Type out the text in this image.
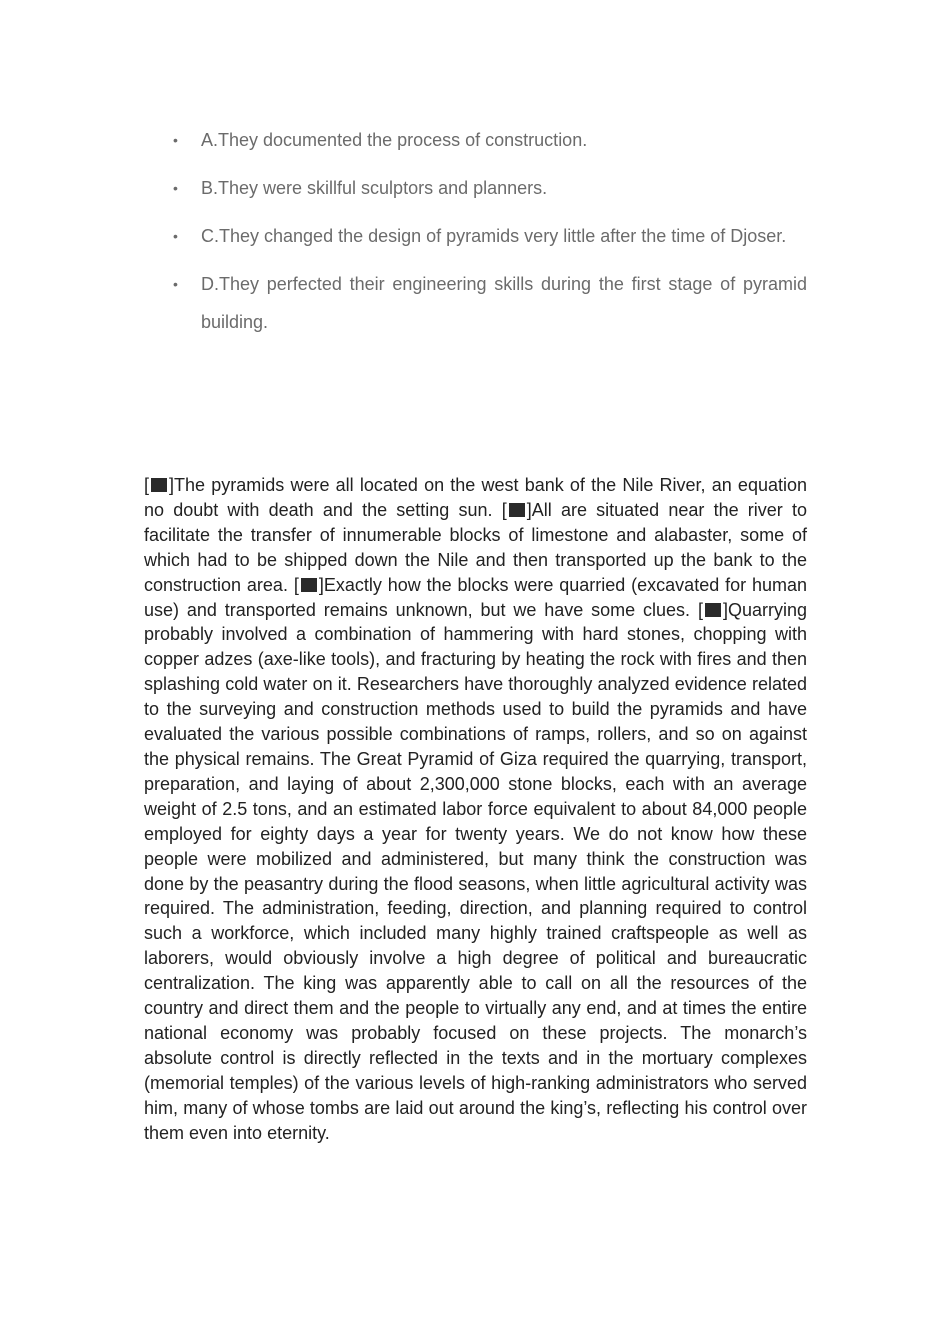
• A.They documented the process of construction.
• B.They were skillful sculptors and planners.
• C.They changed the design of pyramids very little after the time of Djoser.
• D.They perfected their engineering skills during the first stage of pyramid building.

[ ]The pyramids were all located on the west bank of the Nile River, an equation no doubt with death and the setting sun. [ ]All are situated near the river to facilitate the transfer of innumerable blocks of limestone and alabaster, some of which had to be shipped down the Nile and then transported up the bank to the construction area. [ ]Exactly how the blocks were quarried (excavated for human use) and transported remains unknown, but we have some clues. [ ]Quarrying probably involved a combination of hammering with hard stones, chopping with copper adzes (axe-like tools), and fracturing by heating the rock with fires and then splashing cold water on it. Researchers have thoroughly analyzed evidence related to the surveying and construction methods used to build the pyramids and have evaluated the various possible combinations of ramps, rollers, and so on against the physical remains. The Great Pyramid of Giza required the quarrying, transport, preparation, and laying of about 2,300,000 stone blocks, each with an average weight of 2.5 tons, and an estimated labor force equivalent to about 84,000 people employed for eighty days a year for twenty years. We do not know how these people were mobilized and administered, but many think the construction was done by the peasantry during the flood seasons, when little agricultural activity was required. The administration, feeding, direction, and planning required to control such a workforce, which included many highly trained craftspeople as well as laborers, would obviously involve a high degree of political and bureaucratic centralization. The king was apparently able to call on all the resources of the country and direct them and the people to virtually any end, and at times the entire national economy was probably focused on these projects. The monarch’s absolute control is directly reflected in the texts and in the mortuary complexes (memorial temples) of the various levels of high-ranking administrators who served him, many of whose tombs are laid out around the king’s, reflecting his control over them even into eternity.
